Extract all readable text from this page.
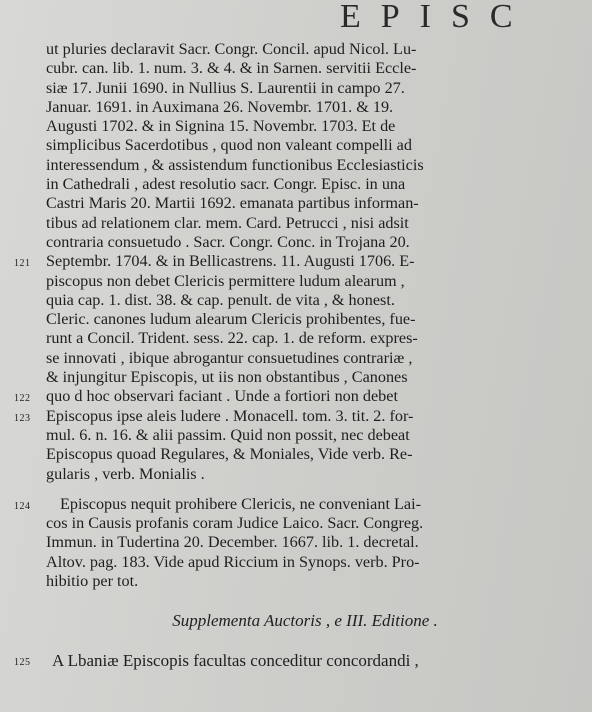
EPISC
ut pluries declaravit Sacr. Congr. Concil. apud Nicol. Lu-
cubr. can. lib. 1. num. 3. & 4. & in Sarnen. servitii Eccle-
siæ 17. Junii 1690. in Nullius S. Laurentii in campo 27.
Januar. 1691. in Auximana 26. Novembr. 1701. & 19.
Augusti 1702. & in Signina 15. Novembr. 1703. Et de
simplicibus Sacerdotibus , quod non valeant compelli ad
interessendum , & assistendum functionibus Ecclesiasticis
in Cathedrali , adest resolutio sacr. Congr. Episc. in una
Castri Maris 20. Martii 1692. emanata partibus informan-
tibus ad relationem clar. mem. Card. Petrucci , nisi adsit
contraria consuetudo . Sacr. Congr. Conc. in Trojana 20.
121 Septembr. 1704. & in Bellicastrens. 11. Augusti 1706. E-
piscopus non debet Clericis permittere ludum alearum ,
quia cap. 1. dist. 38. & cap. penult. de vita , & honest.
Cleric. canones ludum alearum Clericis prohibentes, fue-
runt a Concil. Trident. sess. 22. cap. 1. de reform. expres-
se innovati , ibique abrogantur consuetudines contrariæ ,
& injungitur Episcopis, ut iis non obstantibus , Canones
122 quo d hoc observari faciant . Unde a fortiori non debet
123 Episcopus ipse aleis ludere . Monacell. tom. 3. tit. 2. for-
mul. 6. n. 16. & alii passim. Quid non possit, nec debeat
Episcopus quoad Regulares, & Moniales, Vide verb. Re-
gularis , verb. Monialis .
124 Episcopus nequit prohibere Clericis, ne conveniant Lai-
cos in Causis profanis coram Judice Laico. Sacr. Congreg.
Immun. in Tudertina 20. December. 1667. lib. 1. decretal.
Altov. pag. 183. Vide apud Riccium in Synops. verb. Pro-
hibitio per tot.
Supplementa Auctoris , e III. Editione .
125 A Lbaniæ Episcopis facultas conceditur concordandi ,
